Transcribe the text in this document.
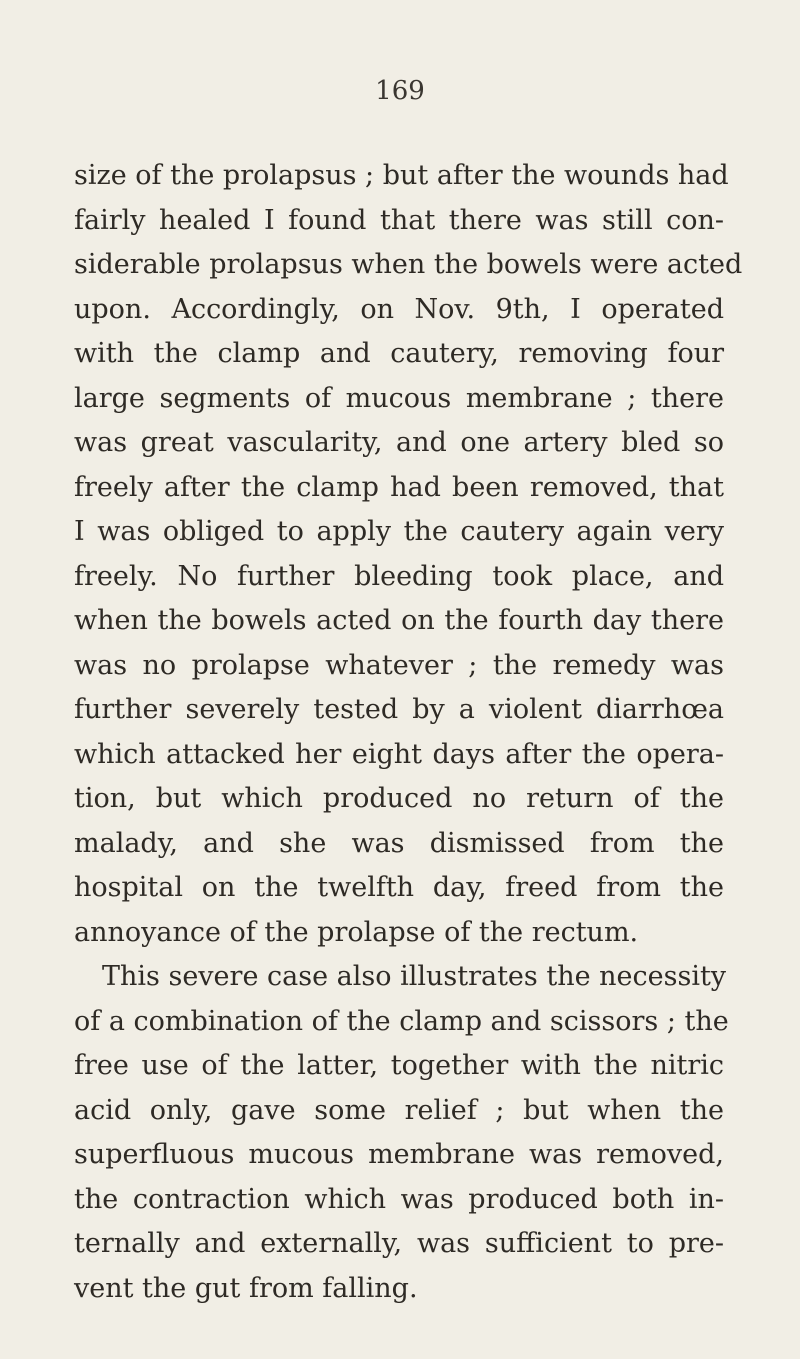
169
size of the prolapsus ; but after the wounds had
fairly healed I found that there was still con-
siderable prolapsus when the bowels were acted
upon. Accordingly, on Nov. 9th, I operated
with the clamp and cautery, removing four
large segments of mucous membrane ; there
was great vascularity, and one artery bled so
freely after the clamp had been removed, that
I was obliged to apply the cautery again very
freely. No further bleeding took place, and
when the bowels acted on the fourth day there
was no prolapse whatever ; the remedy was
further severely tested by a violent diarrhœa
which attacked her eight days after the opera-
tion, but which produced no return of the
malady, and she was dismissed from the
hospital on the twelfth day, freed from the
annoyance of the prolapse of the rectum.
This severe case also illustrates the necessity
of a combination of the clamp and scissors ; the
free use of the latter, together with the nitric
acid only, gave some relief ; but when the
superfluous mucous membrane was removed,
the contraction which was produced both in-
ternally and externally, was sufficient to pre-
vent the gut from falling.
